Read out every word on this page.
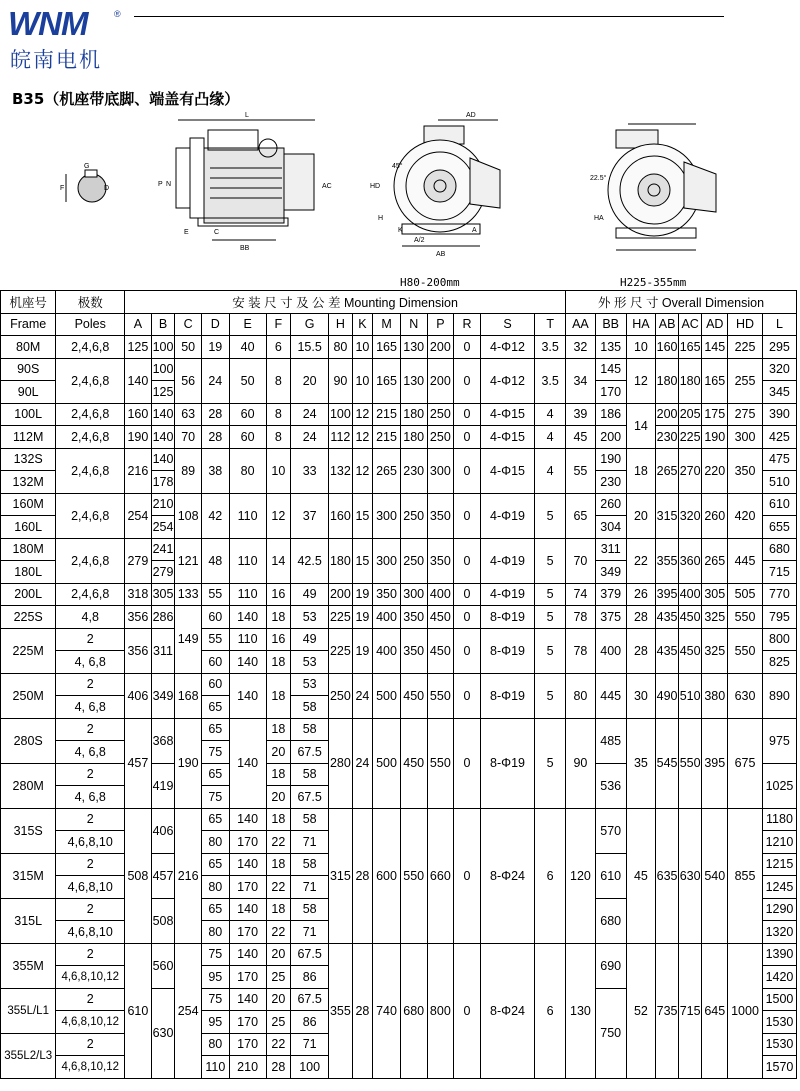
WNM	®
皖南电机
B35（机座带底脚、端盖有凸缘）
G
F	D
L
BB
C
P N	AC
E
AD
A/2
AB
HD
H
45°
A
K
H80-200mm
22.5°
HA
H225-355mm
机座号	极数	安 装 尺 寸 及 公 差 Mounting Dimension															外 形 尺 寸 Overall Dimension							
Frame	Poles	A	B	C	D	E	F	G	H	K	M	N	P	R	S	T	AA	BB	HA	AB	AC	AD	HD	L
80M	2,4,6,8	125	100	50	19	40	6	15.5	80	10	165	130	200	0	4-Φ12	3.5	32	135	10	160	165	145	225	295
90S	2,4,6,8	140	100	56	24	50	8	20	90	10	165	130	200	0	4-Φ12	3.5	34	145	12	180	180	165	255	320
90L			125															170						345
100L	2,4,6,8	160	140	63	28	60	8	24	100	12	215	180	250	0	4-Φ15	4	39	186	14	200	205	175	275	390
112M	2,4,6,8	190	140	70	28	60	8	24	112	12	215	180	250	0	4-Φ15	4	45	200		230	225	190	300	425
132S	2,4,6,8	216	140	89	38	80	10	33	132	12	265	230	300	0	4-Φ15	4	55	190	18	265	270	220	350	475
132M			178															230						510
160M	2,4,6,8	254	210	108	42	110	12	37	160	15	300	250	350	0	4-Φ19	5	65	260	20	315	320	260	420	610
160L			254															304						655
180M	2,4,6,8	279	241	121	48	110	14	42.5	180	15	300	250	350	0	4-Φ19	5	70	311	22	355	360	265	445	680
180L			279															349						715
200L	2,4,6,8	318	305	133	55	110	16	49	200	19	350	300	400	0	4-Φ19	5	74	379	26	395	400	305	505	770
225S	4,8	356	286	149	60	140	18	53	225	19	400	350	450	0	8-Φ19	5	78	375	28	435	450	325	550	795
225M	2	356	311		55	110	16	49	225	19	400	350	450	0	8-Φ19	5	78	400	28	435	450	325	550	800
	4, 6,8				60	140	18	53																825
250M	2	406	349	168	60	140	18	53	250	24	500	450	550	0	8-Φ19	5	80	445	30	490	510	380	630	890
	4, 6,8				65			58																
280S	2	457	368	190	65	140	18	58	280	24	500	450	550	0	8-Φ19	5	90	485	35	545	550	395	675	975
	4, 6,8				75		20	67.5																
280M	2		419		65		18	58										536						1025
	4, 6,8				75		20	67.5																
315S	2	508	406	216	65	140	18	58	315	28	600	550	660	0	8-Φ24	6	120	570	45	635	630	540	855	1180
	4,6,8,10				80	170	22	71																1210
315M	2		457		65	140	18	58										610						1215
	4,6,8,10				80	170	22	71																1245
315L	2		508		65	140	18	58										680						1290
	4,6,8,10				80	170	22	71																1320
355M	2	610	560	254	75	140	20	67.5	355	28	740	680	800	0	8-Φ24	6	130	690	52	735	715	645	1000	1390
	4,6,8,10,12				95	170	25	86																1420
355L/L1	2		630		75	140	20	67.5										750						1500
	4,6,8,10,12				95	170	25	86																1530
355L2/L3	2				80	170	22	71																1530
	4,6,8,10,12				110	210	28	100																1570
